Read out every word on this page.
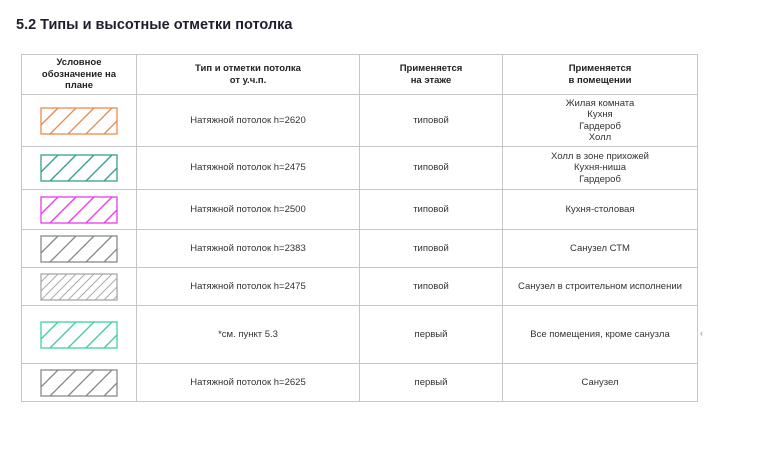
5.2 Типы и высотные отметки потолка
Условное
обозначение на
плане	Тип и отметки потолка
от у.ч.п.	Применяется
на этаже	Применяется
в помещении

	Натяжной потолок h=2620	типовой	Жилая комната
Кухня
Гардероб
Холл

	Натяжной потолок h=2475	типовой	Холл в зоне прихожей
Кухня-ниша
Гардероб

	Натяжной потолок h=2500	типовой	Кухня-столовая

	Натяжной потолок h=2383	типовой	Санузел СТМ

	Натяжной потолок h=2475	типовой	Санузел в строительном исполнении

	*см. пункт 5.3	первый	Все помещения, кроме санузла

	Натяжной потолок h=2625	первый	Санузел
‹
